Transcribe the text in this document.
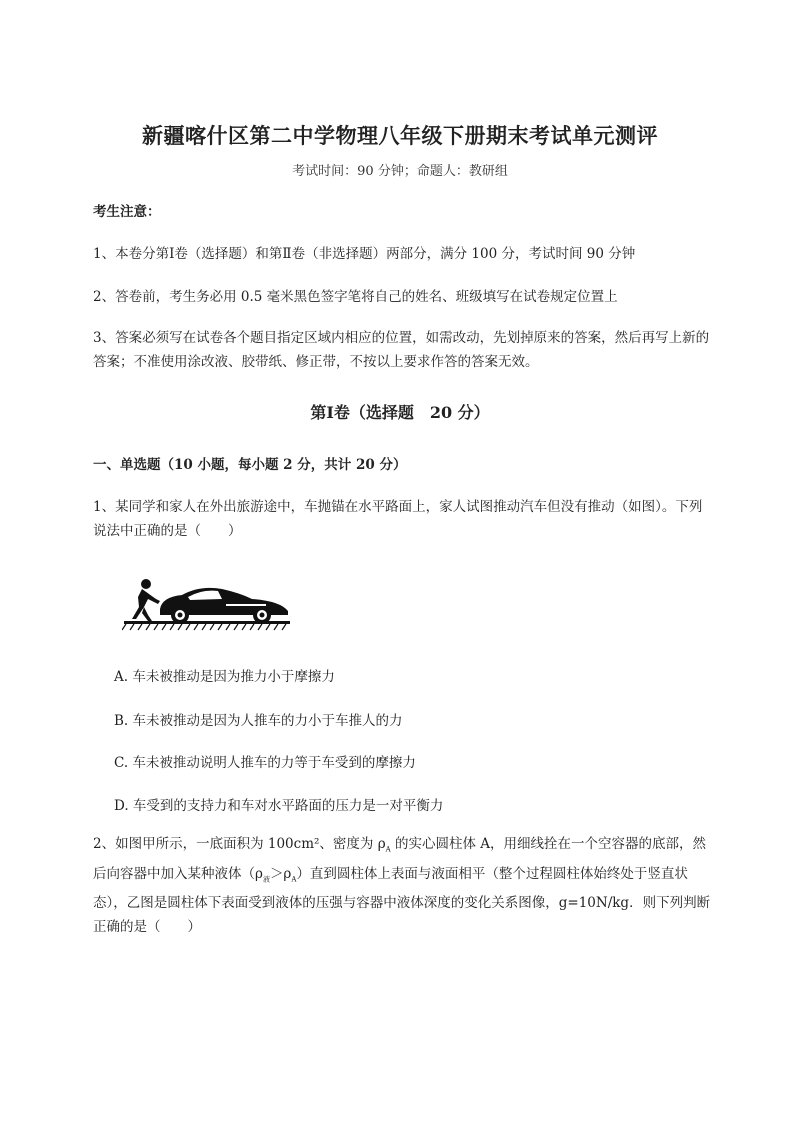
新疆喀什区第二中学物理八年级下册期末考试单元测评
考试时间：90 分钟；命题人：教研组
考生注意：
1、本卷分第Ⅰ卷（选择题）和第Ⅱ卷（非选择题）两部分，满分 100 分，考试时间 90 分钟
2、答卷前，考生务必用 0.5 毫米黑色签字笔将自己的姓名、班级填写在试卷规定位置上
3、答案必须写在试卷各个题目指定区域内相应的位置，如需改动，先划掉原来的答案，然后再写上新的答案；不准使用涂改液、胶带纸、修正带，不按以上要求作答的答案无效。
第Ⅰ卷（选择题　20 分）
一、单选题（10 小题，每小题 2 分，共计 20 分）
1、某同学和家人在外出旅游途中，车抛锚在水平路面上，家人试图推动汽车但没有推动（如图）。下列说法中正确的是（　　）
A. 车未被推动是因为推力小于摩擦力
B. 车未被推动是因为人推车的力小于车推人的力
C. 车未被推动说明人推车的力等于车受到的摩擦力
D. 车受到的支持力和车对水平路面的压力是一对平衡力
2、如图甲所示，一底面积为 100cm²、密度为 $\rho_A$ 的实心圆柱体 A，用细线拴在一个空容器的底部，然后向容器中加入某种液体$(\rho_液>\rho_A)$直到圆柱体上表面与液面相平（整个过程圆柱体始终处于竖直状态），乙图是圆柱体下表面受到液体的压强与容器中液体深度的变化关系图像，g=10N/kg．则下列判断正确的是（　　）
